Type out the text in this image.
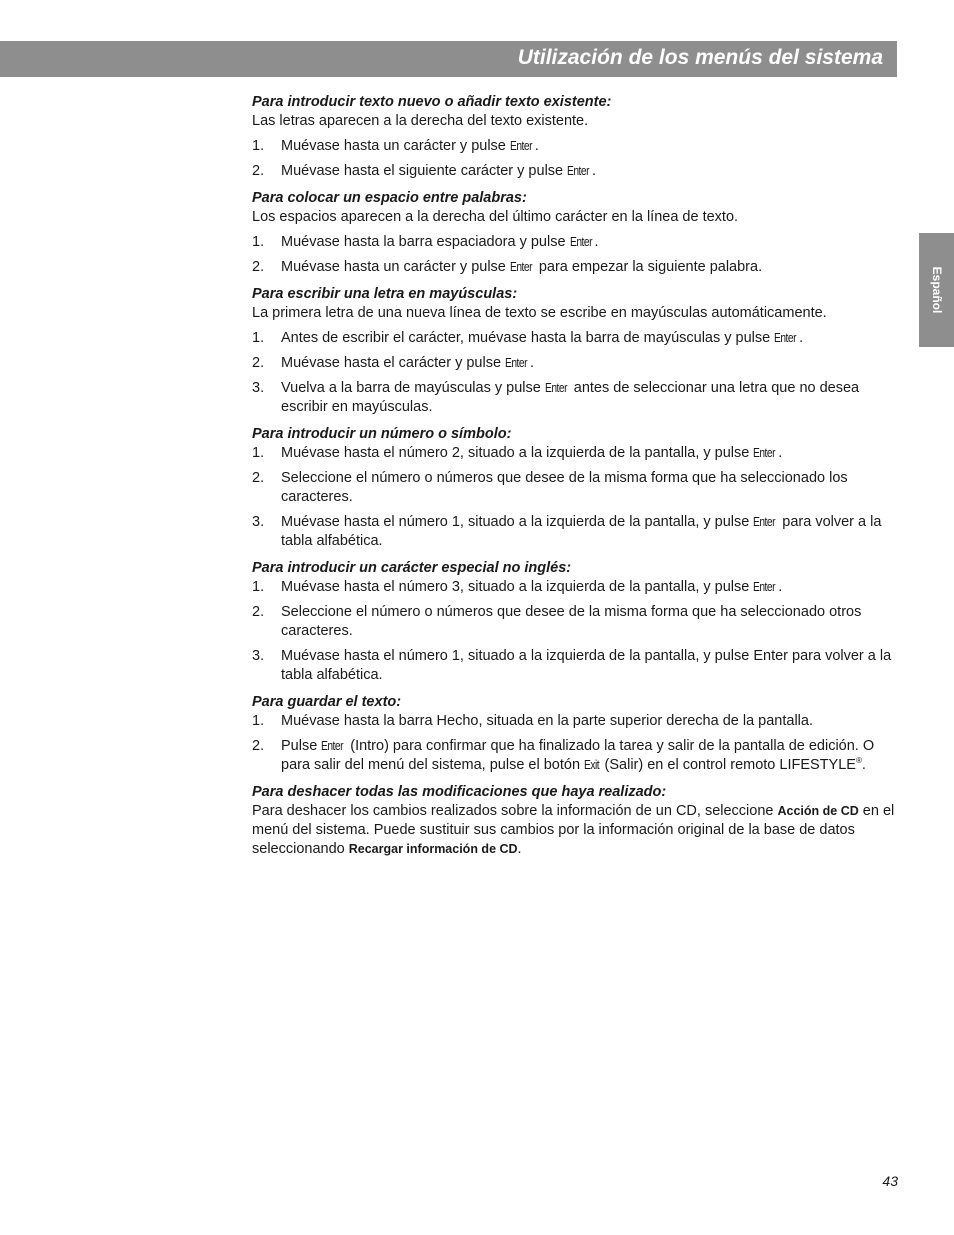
Utilización de los menús del sistema
Español

Para introducir texto nuevo o añadir texto existente:

Las letras aparecen a la derecha del texto existente.

1. Muévase hasta un carácter y pulse Enter .
2. Muévase hasta el siguiente carácter y pulse Enter .

Para colocar un espacio entre palabras:

Los espacios aparecen a la derecha del último carácter en la línea de texto.

1. Muévase hasta la barra espaciadora y pulse Enter .
2. Muévase hasta un carácter y pulse Enter para empezar la siguiente palabra.

Para escribir una letra en mayúsculas:

La primera letra de una nueva línea de texto se escribe en mayúsculas automáticamente.

1. Antes de escribir el carácter, muévase hasta la barra de mayúsculas y pulse Enter .
2. Muévase hasta el carácter y pulse Enter .
3. Vuelva a la barra de mayúsculas y pulse Enter antes de seleccionar una letra que no desea escribir en mayúsculas.

Para introducir un número o símbolo:

1. Muévase hasta el número 2, situado a la izquierda de la pantalla, y pulse Enter .
2. Seleccione el número o números que desee de la misma forma que ha seleccionado los caracteres.
3. Muévase hasta el número 1, situado a la izquierda de la pantalla, y pulse Enter para volver a la tabla alfabética.

Para introducir un carácter especial no inglés:

1. Muévase hasta el número 3, situado a la izquierda de la pantalla, y pulse Enter .
2. Seleccione el número o números que desee de la misma forma que ha seleccionado otros caracteres.
3. Muévase hasta el número 1, situado a la izquierda de la pantalla, y pulse Enter para volver a la tabla alfabética.

Para guardar el texto:

1. Muévase hasta la barra Hecho, situada en la parte superior derecha de la pantalla.
2. Pulse Enter (Intro) para confirmar que ha finalizado la tarea y salir de la pantalla de edición. O para salir del menú del sistema, pulse el botón Exit (Salir) en el control remoto LIFESTYLE®.

Para deshacer todas las modificaciones que haya realizado:

Para deshacer los cambios realizados sobre la información de un CD, seleccione Acción de CD en el menú del sistema. Puede sustituir sus cambios por la información original de la base de datos seleccionando Recargar información de CD.

43
